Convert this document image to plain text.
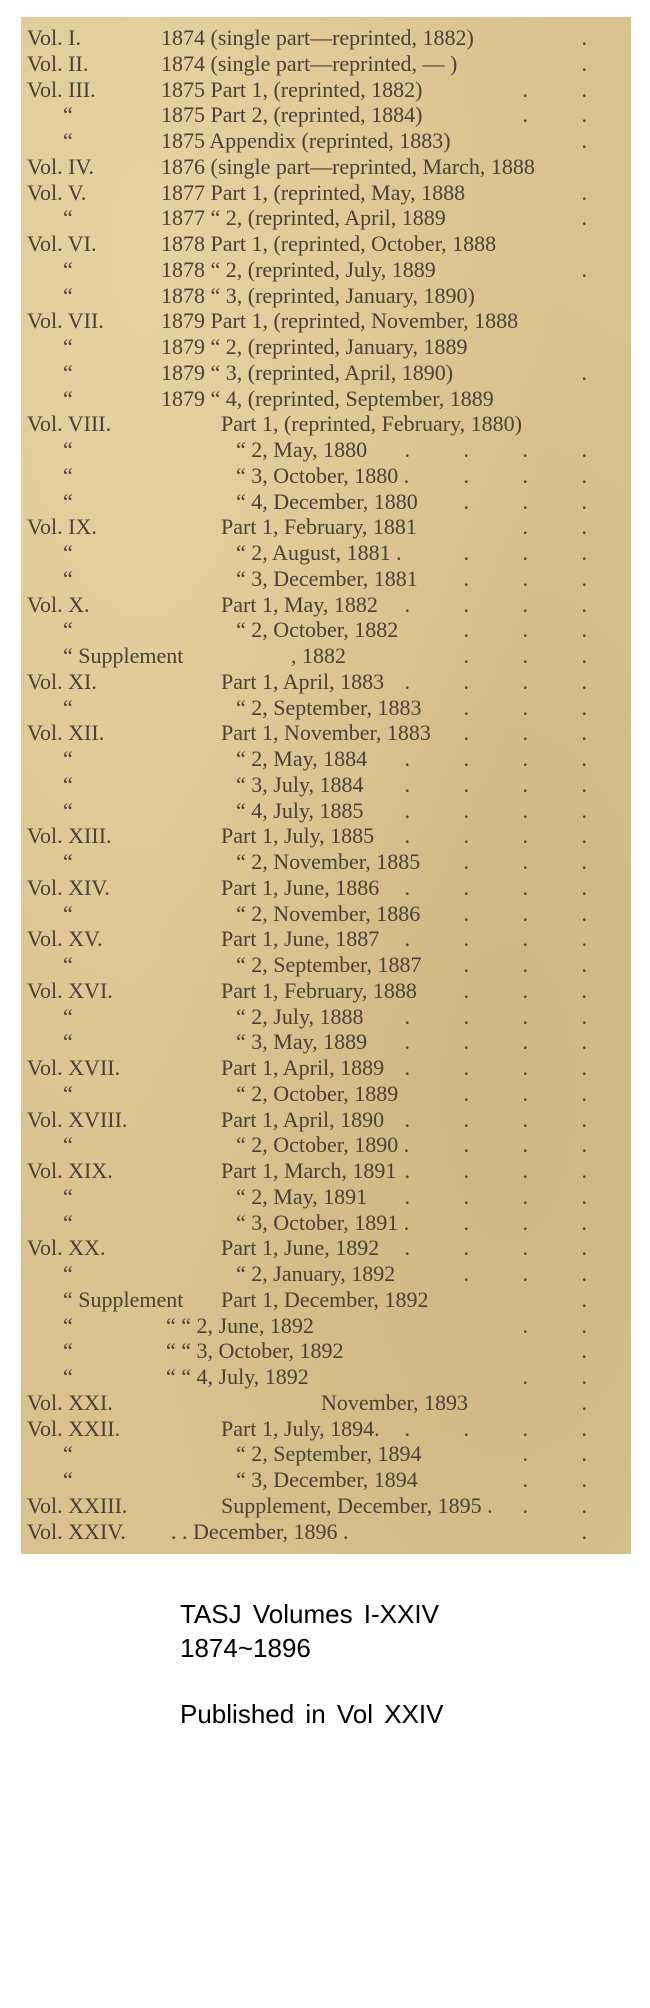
Vol. I.	1874 (single part—reprinted, 1882)	.
Vol. II.	1874 (single part—reprinted, — )	.
Vol. III.	1875 Part 1, (reprinted, 1882)	. .
“	1875 Part 2, (reprinted, 1884)	. .
“	1875 Appendix (reprinted, 1883)	.
Vol. IV.	1876 (single part—reprinted, March, 1888
Vol. V.	1877 Part 1, (reprinted, May, 1888	.
“	1877 “ 2, (reprinted, April, 1889	.
Vol. VI.	1878 Part 1, (reprinted, October, 1888
“	1878 “ 2, (reprinted, July, 1889	.
“	1878 “ 3, (reprinted, January, 1890)
Vol. VII.	1879 Part 1, (reprinted, November, 1888
“	1879 “ 2, (reprinted, January, 1889
“	1879 “ 3, (reprinted, April, 1890)	.
“	1879 “ 4, (reprinted, September, 1889
Vol. VIII.	Part 1, (reprinted, February, 1880)
“	“ 2, May, 1880 . . . .
“	“ 3, October, 1880 . . . .
“	“ 4, December, 1880 . . .
Vol. IX.	Part 1, February, 1881	. .
“	“ 2, August, 1881 .	. . .
“	“ 3, December, 1881 . . .
Vol. X.	Part 1, May, 1882 . . . .
“	“ 2, October, 1882	. . .
“ Supplement	, 1882	. . .
Vol. XI.	Part 1, April, 1883 . . . .
“	“ 2, September, 1883 . . .
Vol. XII.	Part 1, November, 1883 . . .
“	“ 2, May, 1884 . . . .
“	“ 3, July, 1884 . . . .
“	“ 4, July, 1885 . . . .
Vol. XIII.	Part 1, July, 1885 . . . .
“	“ 2, November, 1885 . . .
Vol. XIV.	Part 1, June, 1886 . . . .
“	“ 2, November, 1886 . . .
Vol. XV.	Part 1, June, 1887 . . . .
“	“ 2, September, 1887 . . .
Vol. XVI.	Part 1, February, 1888 . . .
“	“ 2, July, 1888 . . . .
“	“ 3, May, 1889 . . . .
Vol. XVII.	Part 1, April, 1889 . . . .
“	“ 2, October, 1889	. . .
Vol. XVIII.	Part 1, April, 1890 . . . .
“	“ 2, October, 1890 . . . .
Vol. XIX.	Part 1, March, 1891 . . . .
“	“ 2, May, 1891 . . . .
“	“ 3, October, 1891 . . . .
Vol. XX.	Part 1, June, 1892 . . . .
“	“ 2, January, 1892	. . .
“ Supplement Part 1, December, 1892	.
“	“ “ 2, June, 1892	. .
“	“ “ 3, October, 1892	.
“	“ “ 4, July, 1892	. .
Vol. XXI.	November, 1893	.
Vol. XXII.	Part 1, July, 1894. . . . .
“	“ 2, September, 1894	. .
“	“ 3, December, 1894	. .
Vol. XXIII.	Supplement, December, 1895 . . .
Vol. XXIV. . . December, 1896 .	.
TASJ Volumes I-XXIV
1874~1896
Published in Vol XXIV
